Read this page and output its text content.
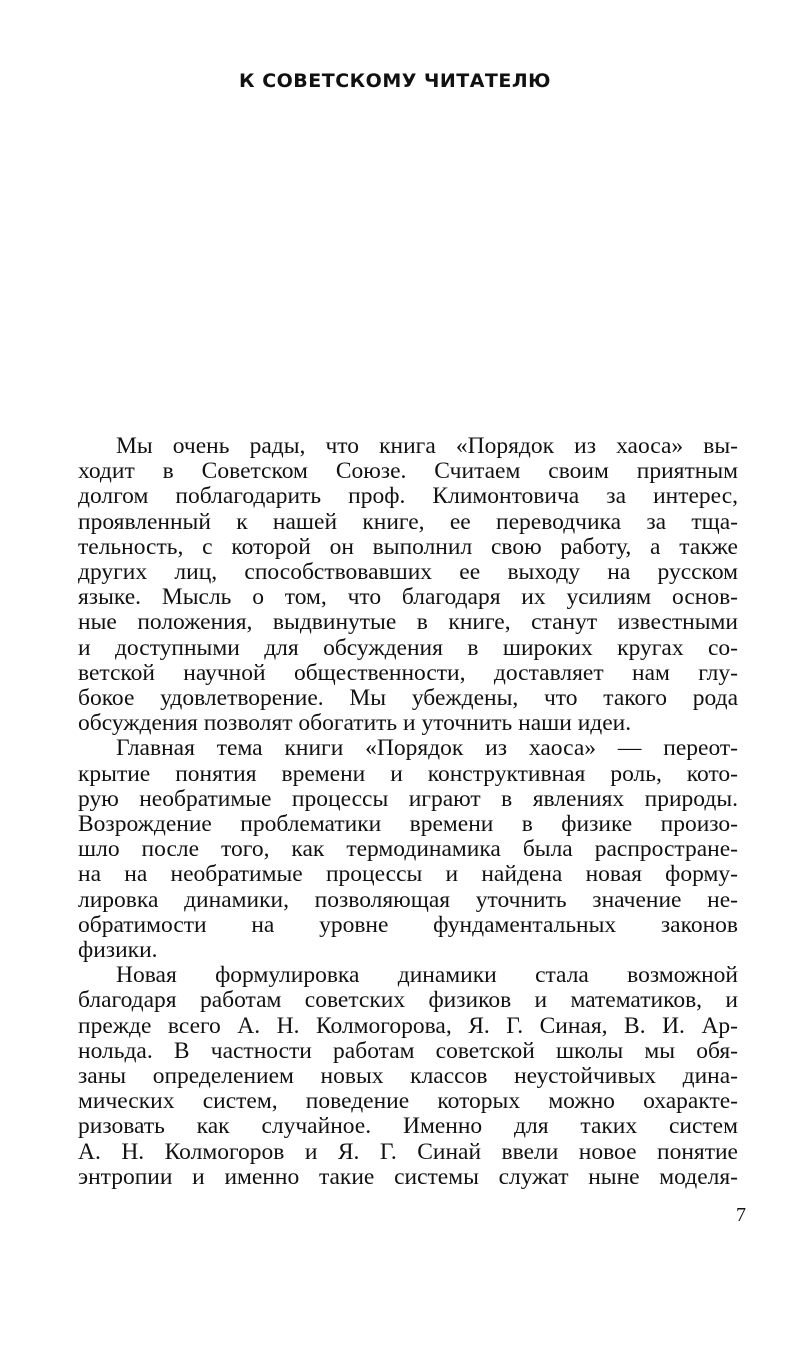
К СОВЕТСКОМУ ЧИТАТЕЛЮ

Мы очень рады, что книга «Порядок из хаоса» вы-
ходит в Советском Союзе. Считаем своим приятным
долгом поблагодарить проф. Климонтовича за интерес,
проявленный к нашей книге, ее переводчика за тща-
тельность, с которой он выполнил свою работу, а также
других лиц, способствовавших ее выходу на русском
языке. Мысль о том, что благодаря их усилиям основ-
ные положения, выдвинутые в книге, станут известными
и доступными для обсуждения в широких кругах со-
ветской научной общественности, доставляет нам глу-
бокое удовлетворение. Мы убеждены, что такого рода
обсуждения позволят обогатить и уточнить наши идеи.

Главная тема книги «Порядок из хаоса» — переот-
крытие понятия времени и конструктивная роль, кото-
рую необратимые процессы играют в явлениях природы.
Возрождение проблематики времени в физике произо-
шло после того, как термодинамика была распростране-
на на необратимые процессы и найдена новая форму-
лировка динамики, позволяющая уточнить значение не-
обратимости на уровне фундаментальных законов
физики.

Новая формулировка динамики стала возможной
благодаря работам советских физиков и математиков, и
прежде всего А. Н. Колмогорова, Я. Г. Синая, В. И. Ар-
нольда. В частности работам советской школы мы обя-
заны определением новых классов неустойчивых дина-
мических систем, поведение которых можно охаракте-
ризовать как случайное. Именно для таких систем
А. Н. Колмогоров и Я. Г. Синай ввели новое понятие
энтропии и именно такие системы служат ныне моделя-

7
